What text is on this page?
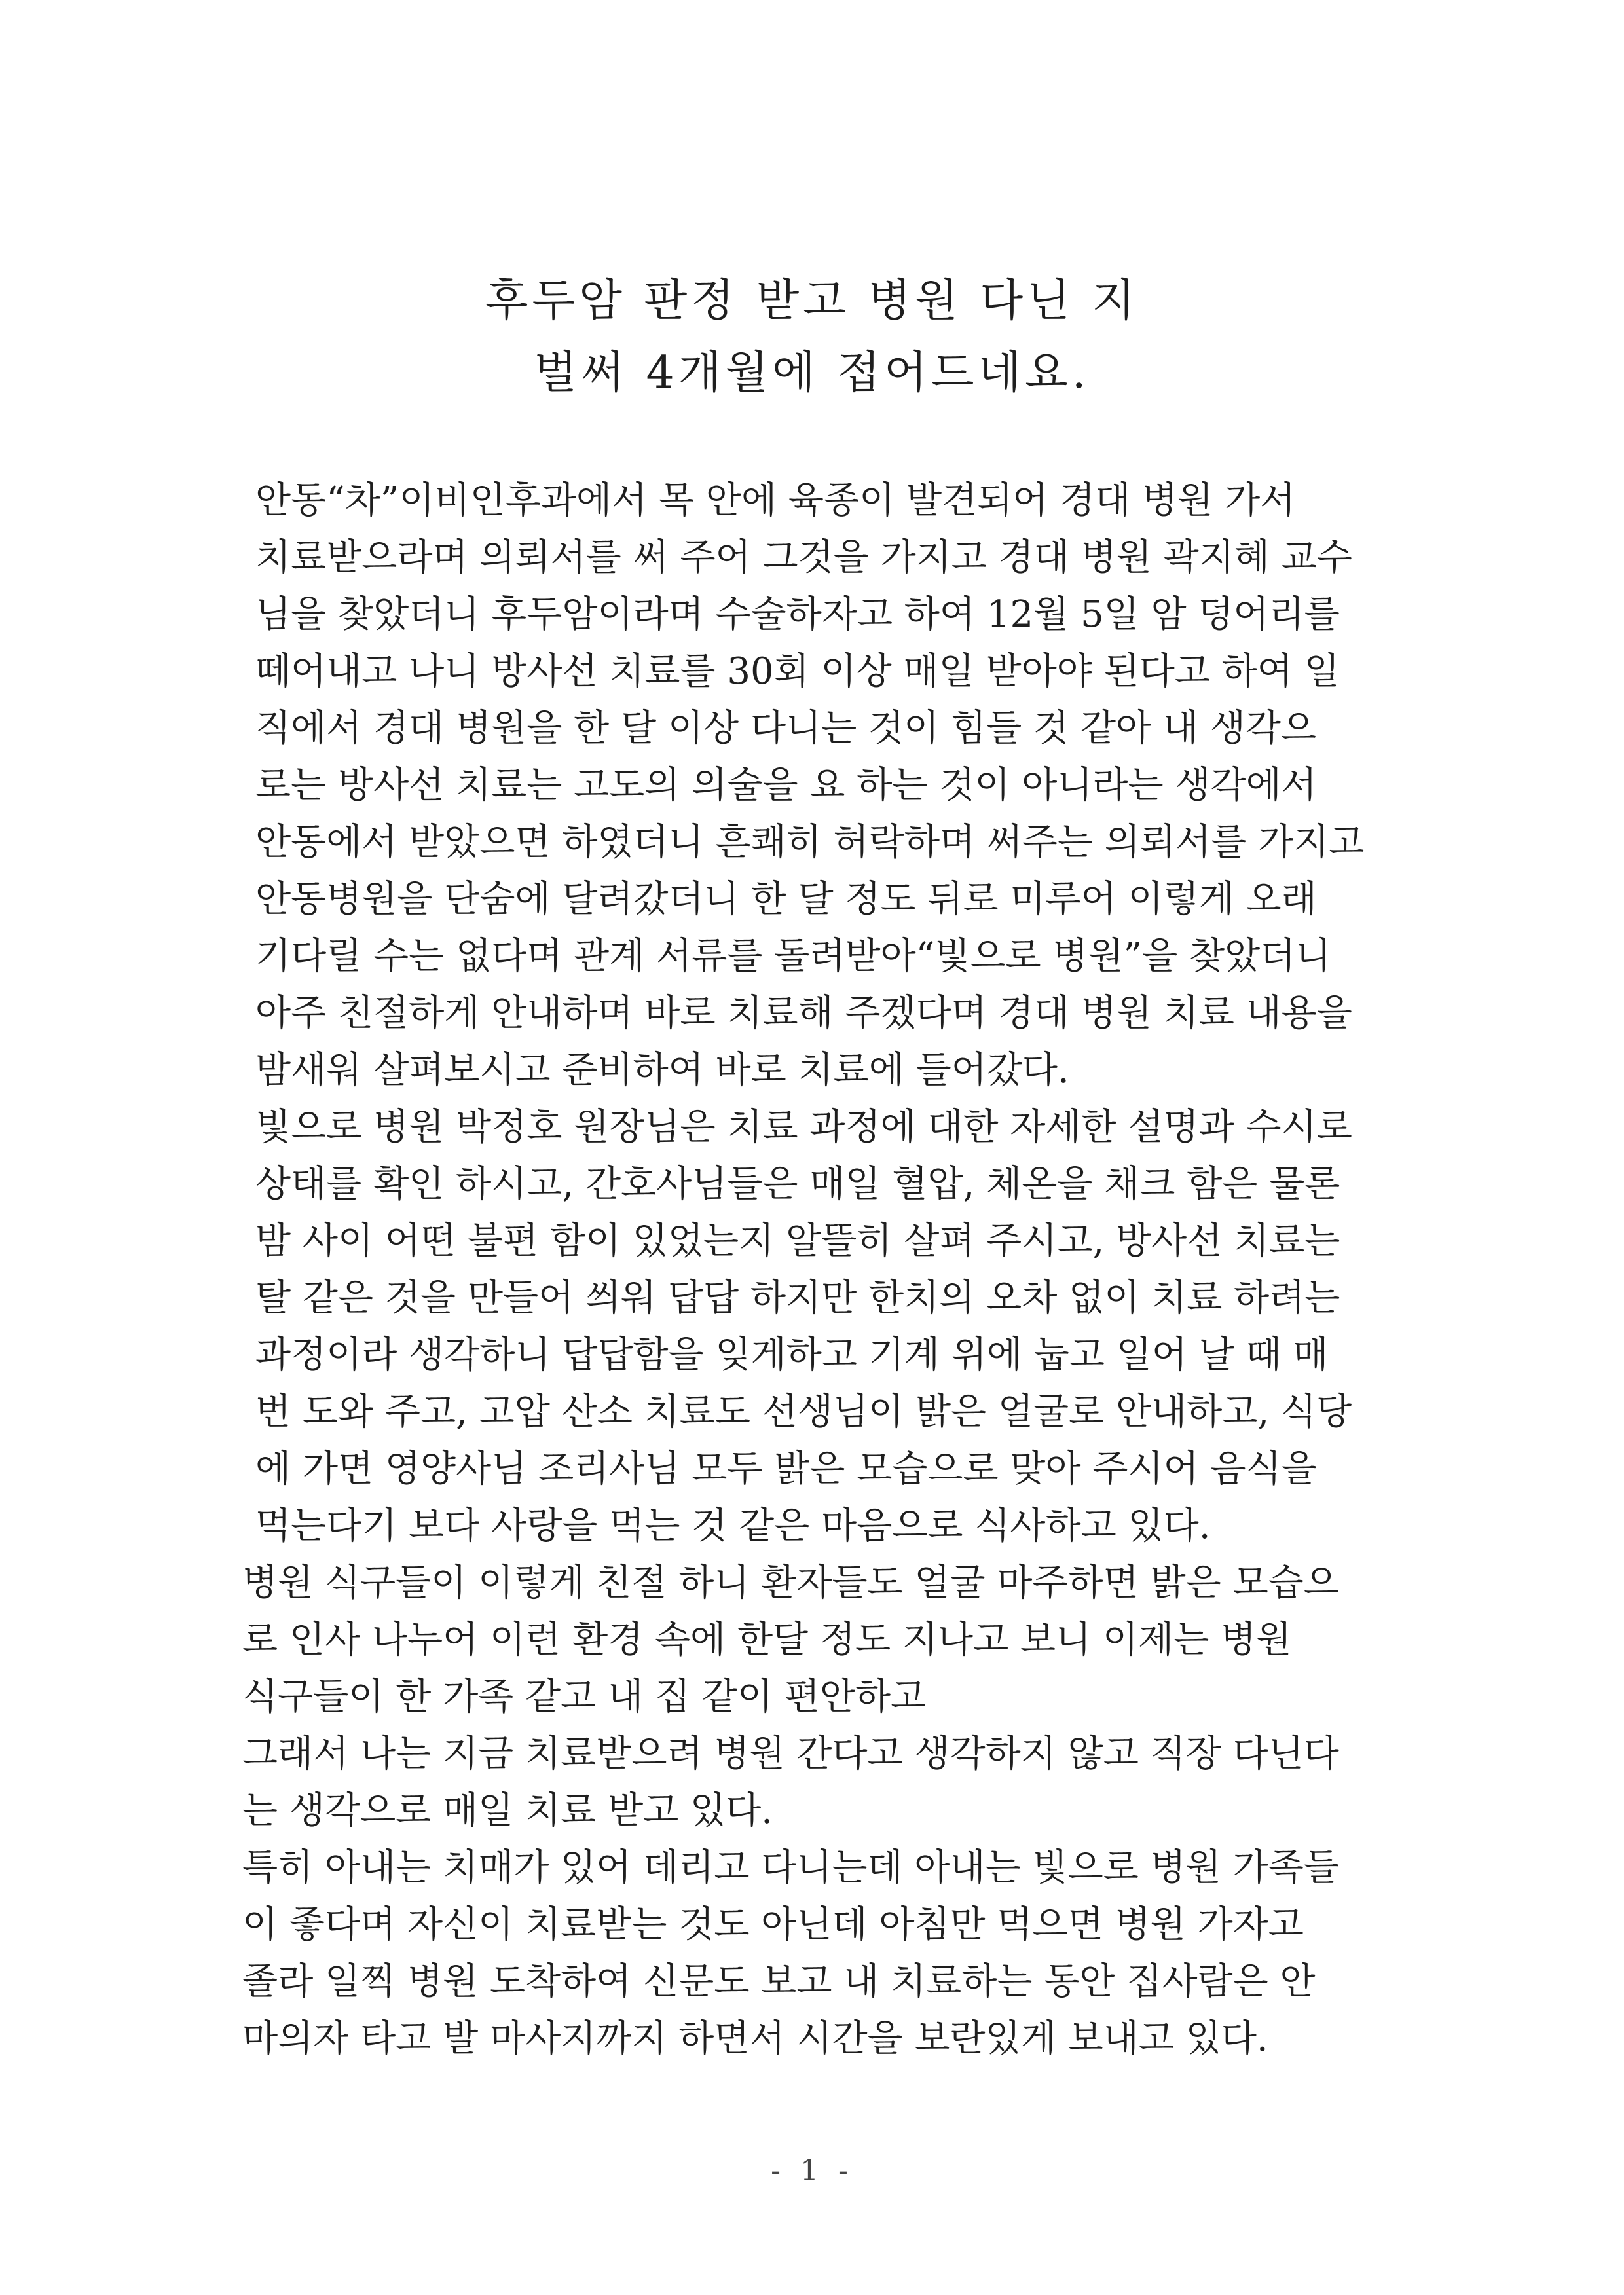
후두암 판정 받고 병원 다닌 지
벌써 4개월에 접어드네요.
안동“차”이비인후과에서 목 안에 육종이 발견되어 경대 병원 가서
치료받으라며 의뢰서를 써 주어 그것을 가지고 경대 병원 곽지혜 교수
님을 찾았더니 후두암이라며 수술하자고 하여 12월 5일 암 덩어리를
떼어내고 나니 방사선 치료를 30회 이상 매일 받아야 된다고 하여 일
직에서 경대 병원을 한 달 이상 다니는 것이 힘들 것 같아 내 생각으
로는 방사선 치료는 고도의 의술을 요 하는 것이 아니라는 생각에서
안동에서 받았으면 하였더니 흔쾌히 허락하며 써주는 의뢰서를 가지고
안동병원을 단숨에 달려갔더니 한 달 정도 뒤로 미루어 이렇게 오래
기다릴 수는 없다며 관계 서류를 돌려받아“빛으로 병원”을 찾았더니
아주 친절하게 안내하며 바로 치료해 주겠다며 경대 병원 치료 내용을
밤새워 살펴보시고 준비하여 바로 치료에 들어갔다.
빛으로 병원 박정호 원장님은 치료 과정에 대한 자세한 설명과 수시로
상태를 확인 하시고, 간호사님들은 매일 혈압, 체온을 채크 함은 물론
밤 사이 어떤 불편 함이 있었는지 알뜰히 살펴 주시고, 방사선 치료는
탈 같은 것을 만들어 씌워 답답 하지만 한치의 오차 없이 치료 하려는
과정이라 생각하니 답답함을 잊게하고 기계 위에 눕고 일어 날 때 매
번 도와 주고, 고압 산소 치료도 선생님이 밝은 얼굴로 안내하고, 식당
에 가면 영양사님 조리사님 모두 밝은 모습으로 맞아 주시어 음식을
먹는다기 보다 사랑을 먹는 것 같은 마음으로 식사하고 있다.
병원 식구들이 이렇게 친절 하니 환자들도 얼굴 마주하면 밝은 모습으
로 인사 나누어 이런 환경 속에 한달 정도 지나고 보니 이제는 병원
식구들이 한 가족 같고 내 집 같이 편안하고
그래서 나는 지금 치료받으려 병원 간다고 생각하지 않고 직장 다닌다
는 생각으로 매일 치료 받고 있다.
특히 아내는 치매가 있어 데리고 다니는데 아내는 빛으로 병원 가족들
이 좋다며 자신이 치료받는 것도 아닌데 아침만 먹으면 병원 가자고
졸라 일찍 병원 도착하여 신문도 보고 내 치료하는 동안 집사람은 안
마의자 타고 발 마사지까지 하면서 시간을 보란있게 보내고 있다.
- 1 -
